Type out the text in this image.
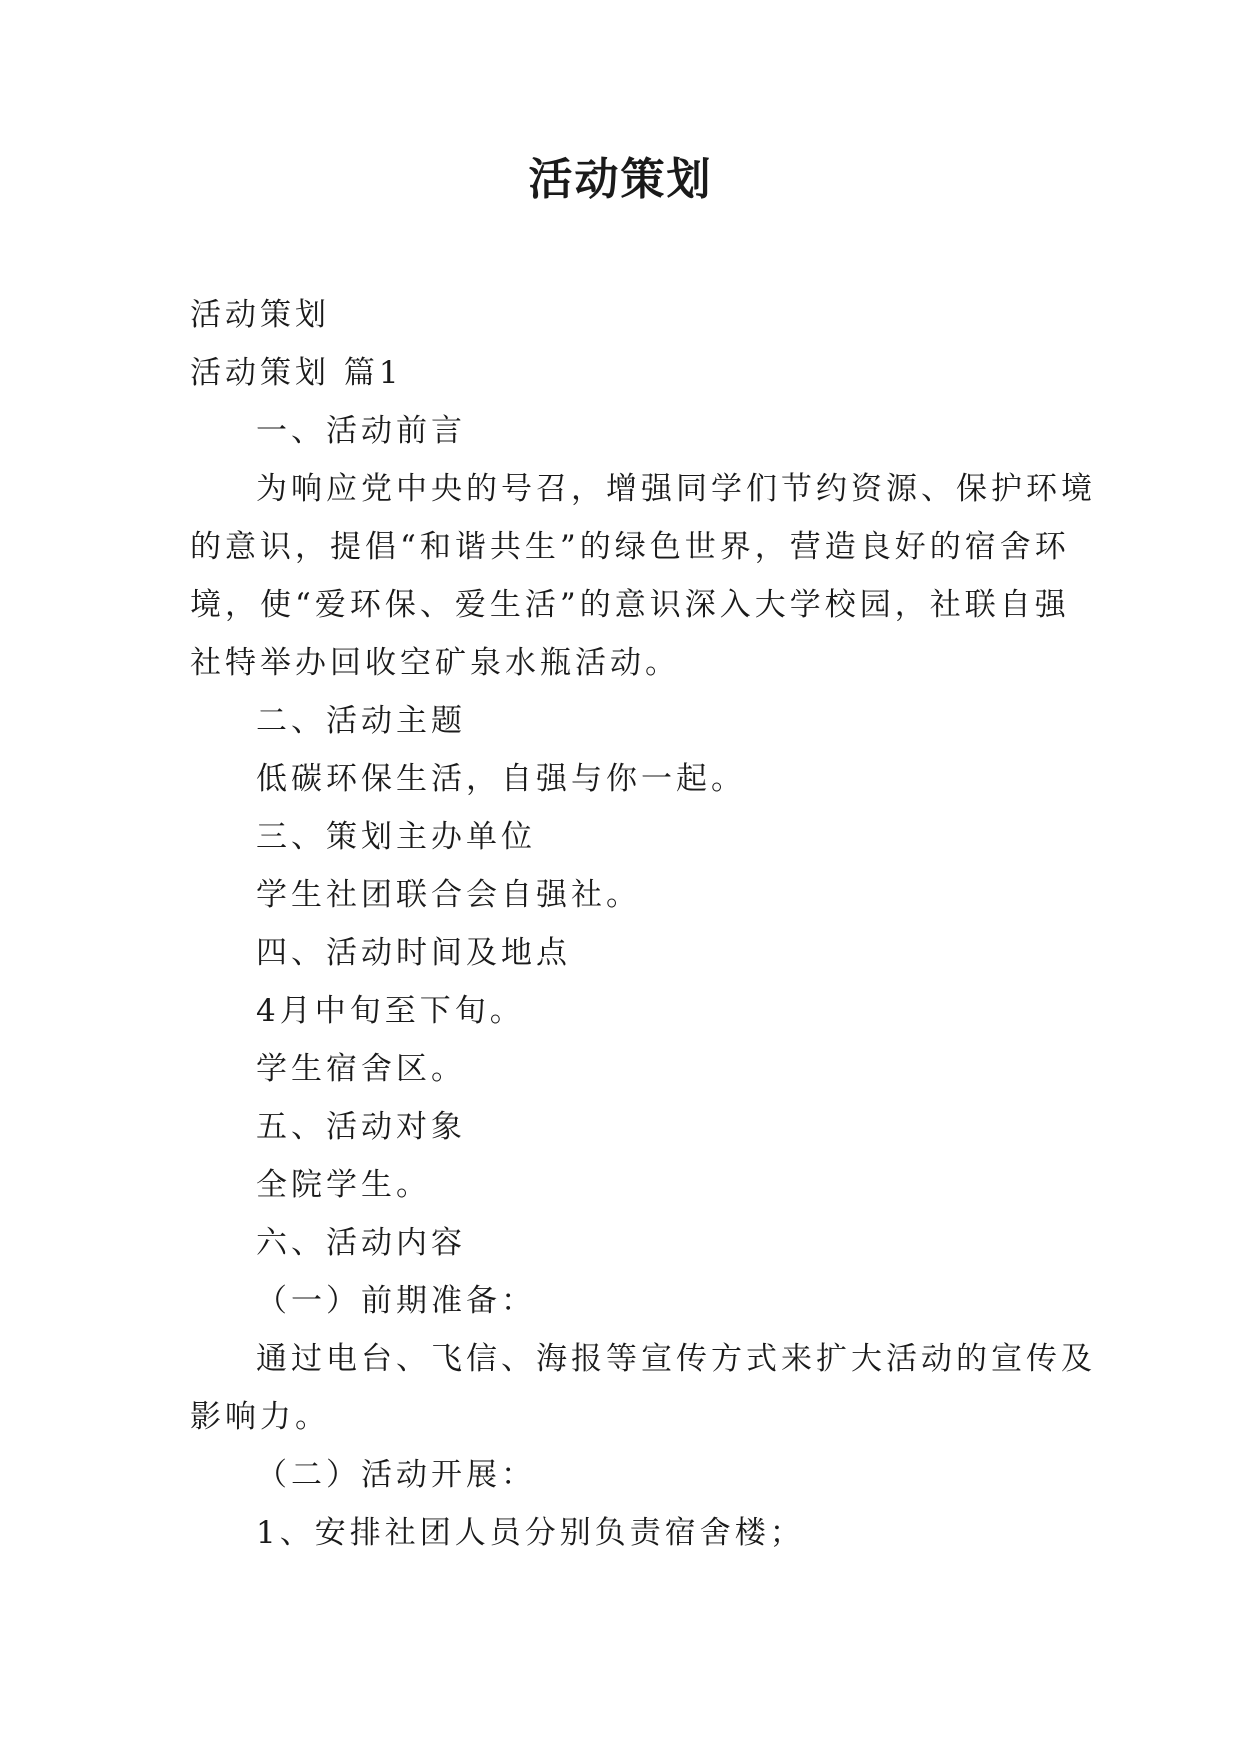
活动策划
活动策划
活动策划 篇1
一、活动前言
为响应党中央的号召，增强同学们节约资源、保护环境
的意识，提倡“和谐共生”的绿色世界，营造良好的宿舍环
境，使“爱环保、爱生活”的意识深入大学校园，社联自强
社特举办回收空矿泉水瓶活动。
二、活动主题
低碳环保生活，自强与你一起。
三、策划主办单位
学生社团联合会自强社。
四、活动时间及地点
4月中旬至下旬。
学生宿舍区。
五、活动对象
全院学生。
六、活动内容
（一）前期准备：
通过电台、飞信、海报等宣传方式来扩大活动的宣传及
影响力。
（二）活动开展：
1、安排社团人员分别负责宿舍楼；
